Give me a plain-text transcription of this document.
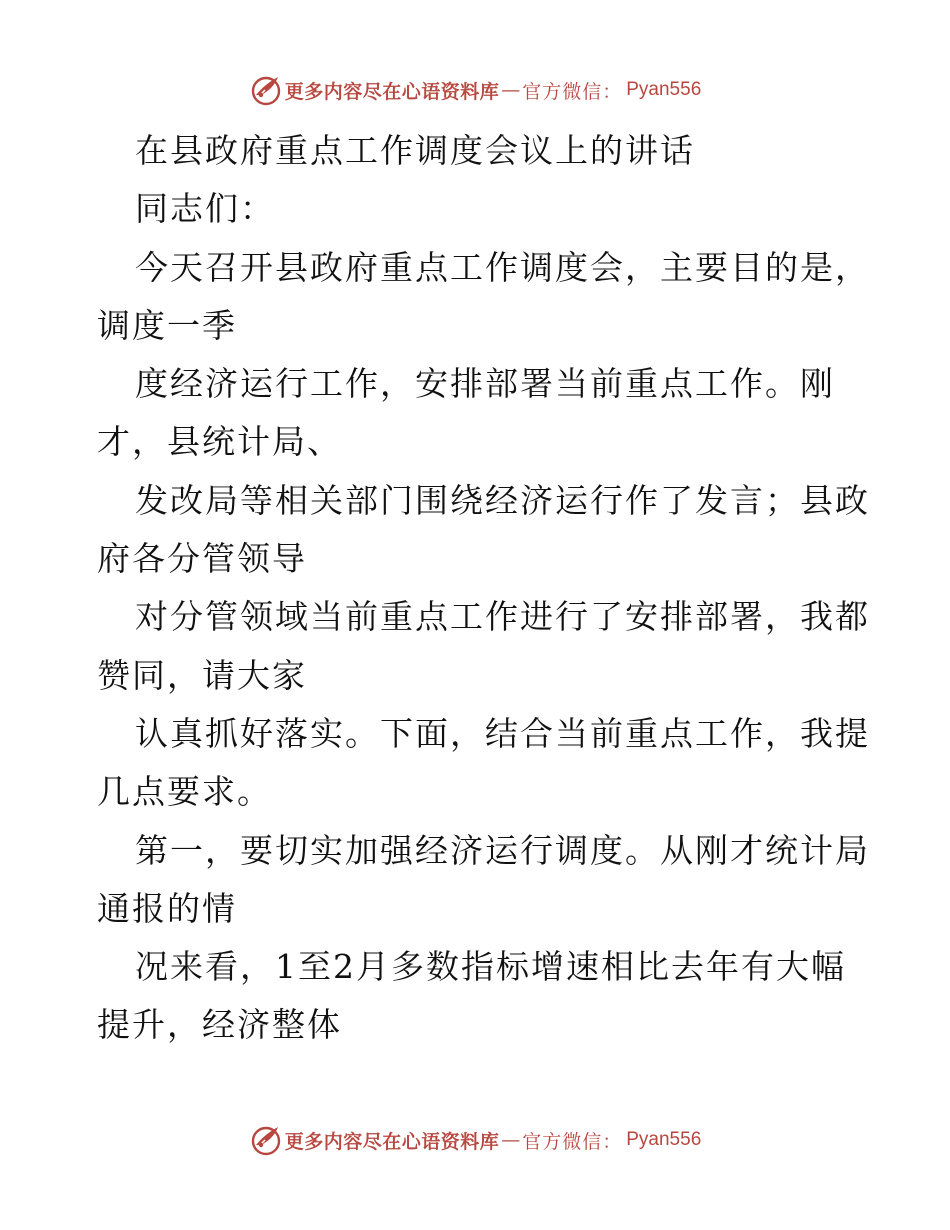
更多内容尽在心语资料库 — 官方微信： Pyan556
在县政府重点工作调度会议上的讲话
同志们：
今天召开县政府重点工作调度会，主要目的是，
调度一季
度经济运行工作，安排部署当前重点工作。刚
才，县统计局、
发改局等相关部门围绕经济运行作了发言；县政
府各分管领导
对分管领域当前重点工作进行了安排部署，我都
赞同，请大家
认真抓好落实。下面，结合当前重点工作，我提
几点要求。
第一，要切实加强经济运行调度。从刚才统计局
通报的情
况来看，1至2月多数指标增速相比去年有大幅
提升，经济整体
更多内容尽在心语资料库 — 官方微信： Pyan556
